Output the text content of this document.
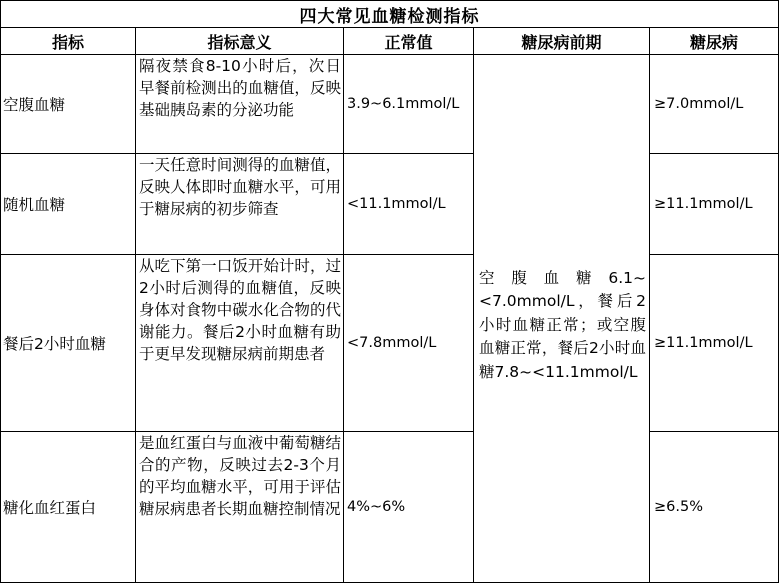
四大常见血糖检测指标				
指标	指标意义	正常值	糖尿病前期	糖尿病
空腹血糖	隔夜禁食8-10小时后，次日早餐前检测出的血糖值，反映基础胰岛素的分泌功能	3.9~6.1mmol/L	空腹血糖6.1~<7.0mmol/L，餐后2小时血糖正常；或空腹血糖正常，餐后2小时血糖7.8~<11.1mmol/L	≥7.0mmol/L
随机血糖	一天任意时间测得的血糖值，反映人体即时血糖水平，可用于糖尿病的初步筛查	<11.1mmol/L		≥11.1mmol/L
餐后2小时血糖	从吃下第一口饭开始计时，过2小时后测得的血糖值，反映身体对食物中碳水化合物的代谢能力。餐后2小时血糖有助于更早发现糖尿病前期患者	<7.8mmol/L		≥11.1mmol/L
糖化血红蛋白	是血红蛋白与血液中葡萄糖结合的产物，反映过去2-3个月的平均血糖水平，可用于评估糖尿病患者长期血糖控制情况	4%~6%		≥6.5%
